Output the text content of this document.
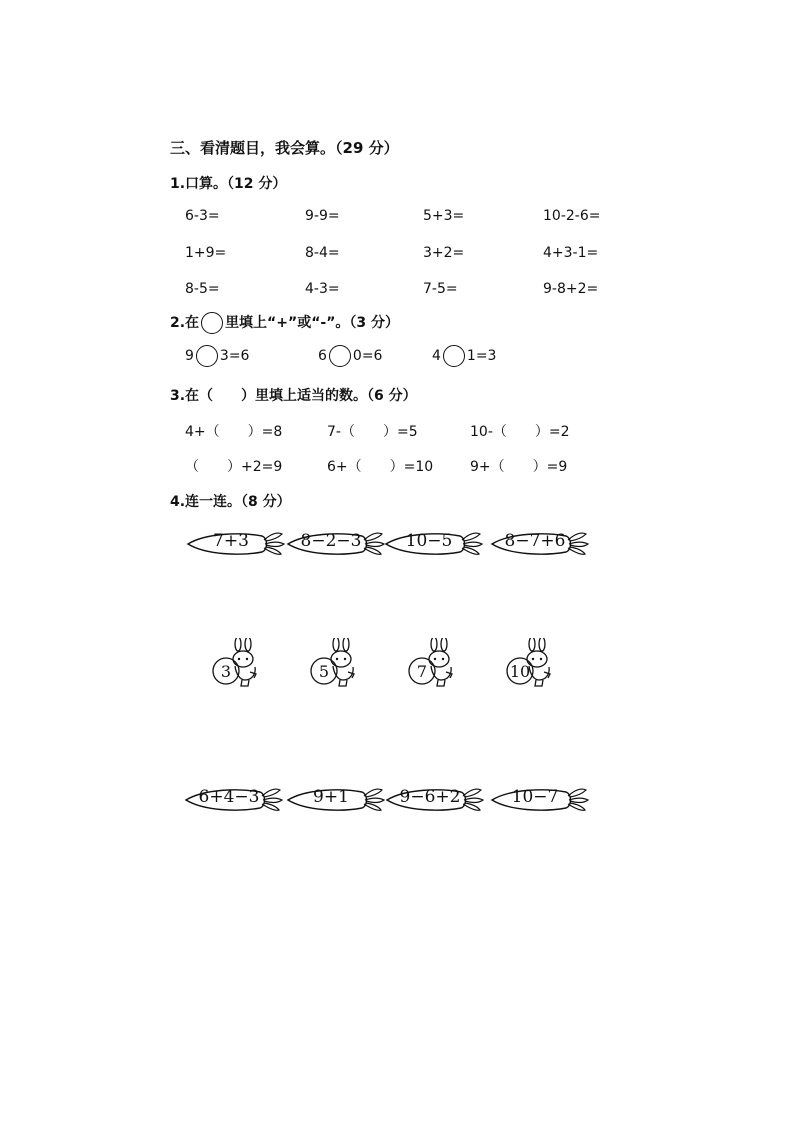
三、看清题目，我会算。（29 分）
1.口算。（12 分）
6-3=	9-9=	5+3=	10-2-6=
1+9=	8-4=	3+2=	4+3-1=
8-5=	4-3=	7-5=	9-8+2=
2.在 里填上“+”或“-”。（3 分）
9 3=6	6 0=6	4 1=3
3.在（　　）里填上适当的数。（6 分）
4+（ ）=8	7-（ ）=5	10-（ ）=2
（ ）+2=9	6+（ ）=10	9+（ ）=9
4.连一连。（8 分）
7+3	8−2−3	10−5	8−7+6
3	5	7	10
6+4−3	9+1	9−6+2	10−7
